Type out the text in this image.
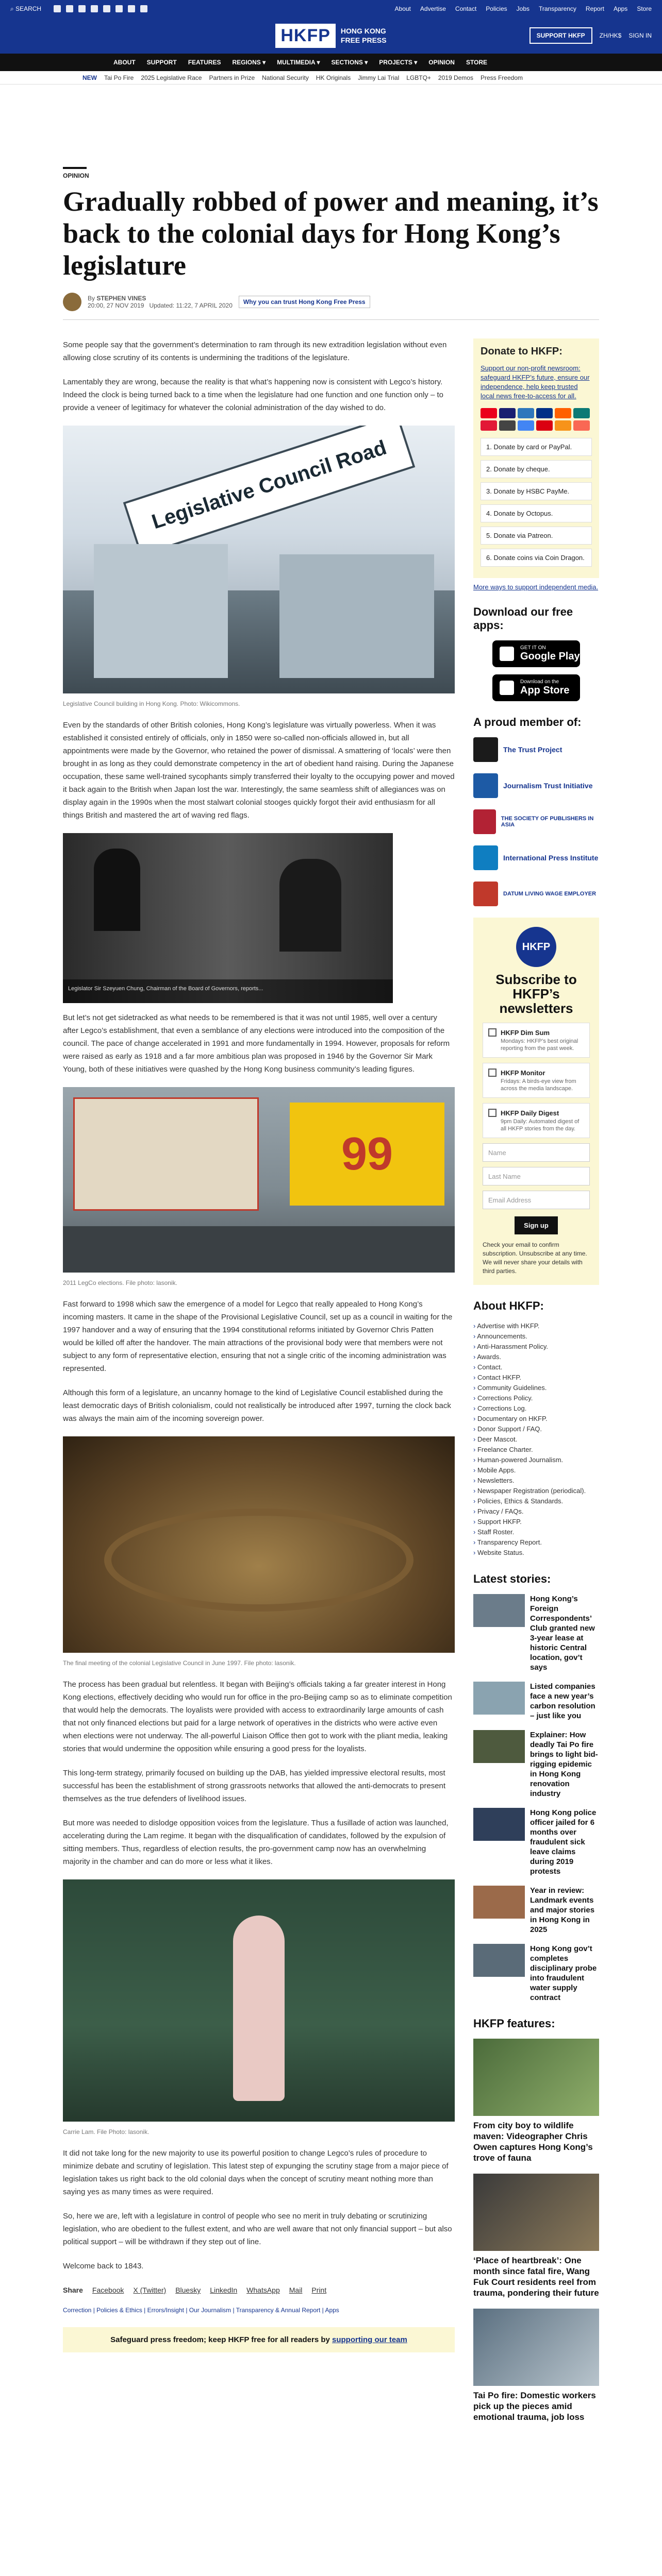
⌕ SEARCH	About Advertise Contact Policies Jobs Transparency Report Apps Store
HKFP	HONG KONG
FREE PRESS
SUPPORT HKFP	ZH/HK$ SIGN IN
ABOUT SUPPORT FEATURES REGIONS ▾ MULTIMEDIA ▾ SECTIONS ▾ PROJECTS ▾ OPINION STORE
NEW Tai Po Fire 2025 Legislative Race Partners in Prize National Security HK Originals Jimmy Lai Trial LGBTQ+ 2019 Demos Press Freedom
OPINION
Gradually robbed of power and meaning, it’s back to the colonial days for Hong Kong’s legislature
By STEPHEN VINES
20:00, 27 NOV 2019 Updated: 11:22, 7 APRIL 2020	Why you can trust Hong Kong Free Press

Some people say that the government’s determination to ram through its new extradition legislation without even allowing close scrutiny of its contents is undermining the traditions of the legislature.

Lamentably they are wrong, because the reality is that what’s happening now is consistent with Legco’s history. Indeed the clock is being turned back to a time when the legislature had one function and one function only – to provide a veneer of legitimacy for whatever the colonial administration of the day wished to do.

Legislative Council Road
Legislative Council building in Hong Kong. Photo: Wikicommons.

Even by the standards of other British colonies, Hong Kong’s legislature was virtually powerless. When it was established it consisted entirely of officials, only in 1850 were so-called non-officials allowed in, but all appointments were made by the Governor, who retained the power of dismissal. A smattering of ‘locals’ were then brought in as long as they could demonstrate competency in the art of obedient hand raising. During the Japanese occupation, these same well-trained sycophants simply transferred their loyalty to the occupying power and moved it back again to the British when Japan lost the war. Interestingly, the same seamless shift of allegiances was on display again in the 1990s when the most stalwart colonial stooges quickly forgot their avid enthusiasm for all things British and mastered the art of waving red flags.

Legislator Sir Szeyuen Chung, Chairman of the Board of Governors, reports...

But let’s not get sidetracked as what needs to be remembered is that it was not until 1985, well over a century after Legco’s establishment, that even a semblance of any elections were introduced into the composition of the council. The pace of change accelerated in 1991 and more fundamentally in 1994. However, proposals for reform were raised as early as 1918 and a far more ambitious plan was proposed in 1946 by the Governor Sir Mark Young, both of these initiatives were quashed by the Hong Kong business community’s leading figures.

99
2011 LegCo elections. File photo: lasonik.

Fast forward to 1998 which saw the emergence of a model for Legco that really appealed to Hong Kong’s incoming masters. It came in the shape of the Provisional Legislative Council, set up as a council in waiting for the 1997 handover and a way of ensuring that the 1994 constitutional reforms initiated by Governor Chris Patten would be killed off after the handover. The main attractions of the provisional body were that members were not subject to any form of representative election, ensuring that not a single critic of the incoming administration was represented.

Although this form of a legislature, an uncanny homage to the kind of Legislative Council established during the least democratic days of British colonialism, could not realistically be introduced after 1997, turning the clock back was always the main aim of the incoming sovereign power.

The final meeting of the colonial Legislative Council in June 1997. File photo: lasonik.

The process has been gradual but relentless. It began with Beijing’s officials taking a far greater interest in Hong Kong elections, effectively deciding who would run for office in the pro-Beijing camp so as to eliminate competition that would help the democrats. The loyalists were provided with access to extraordinarily large amounts of cash that not only financed elections but paid for a large network of operatives in the districts who were active even when elections were not underway. The all-powerful Liaison Office then got to work with the pliant media, leaking stories that would undermine the opposition while ensuring a good press for the loyalists.

This long-term strategy, primarily focused on building up the DAB, has yielded impressive electoral results, most successful has been the establishment of strong grassroots networks that allowed the anti-democrats to present themselves as the true defenders of livelihood issues.

But more was needed to dislodge opposition voices from the legislature. Thus a fusillade of action was launched, accelerating during the Lam regime. It began with the disqualification of candidates, followed by the expulsion of sitting members. Thus, regardless of election results, the pro-government camp now has an overwhelming majority in the chamber and can do more or less what it likes.

Carrie Lam. File Photo: lasonik.

It did not take long for the new majority to use its powerful position to change Legco’s rules of procedure to minimize debate and scrutiny of legislation. This latest step of expunging the scrutiny stage from a major piece of legislation takes us right back to the old colonial days when the concept of scrutiny meant nothing more than saying yes as many times as were required.

So, here we are, left with a legislature in control of people who see no merit in truly debating or scrutinizing legislation, who are obedient to the fullest extent, and who are well aware that not only financial support – but also political support – will be withdrawn if they step out of line.

Welcome back to 1843.

Share Facebook X (Twitter) Bluesky LinkedIn WhatsApp Mail Print
Correction | Policies & Ethics | Errors/Insight | Our Journalism | Transparency & Annual Report | Apps
Safeguard press freedom; keep HKFP free for all readers by supporting our team
Donate to HKFP:
Support our non-profit newsroom: safeguard HKFP’s future, ensure our independence, help keep trusted local news free-to-access for all.
1. Donate by card or PayPal.
2. Donate by cheque.
3. Donate by HSBC PayMe.
4. Donate by Octopus.
5. Donate via Patreon.
6. Donate coins via Coin Dragon.
More ways to support independent media.
Download our free apps:
GET IT ON
Google Play
Download on the
App Store
A proud member of:
The Trust Project
Journalism Trust Initiative
THE SOCIETY OF PUBLISHERS IN ASIA
International Press Institute
DATUM LIVING WAGE EMPLOYER
HKFP
Subscribe to HKFP’s newsletters
HKFP Dim Sum

Mondays: HKFP’s best original reporting from the past week.

HKFP Monitor

Fridays: A birds-eye view from across the media landscape.

HKFP Daily Digest

9pm Daily: Automated digest of all HKFP stories from the day.

Name
Last Name
Email Address
Sign up
Check your email to confirm subscription. Unsubscribe at any time. We will never share your details with third parties.
About HKFP:
› Advertise with HKFP.
› Announcements.
› Anti-Harassment Policy.
› Awards.
› Contact.
› Contact HKFP.
› Community Guidelines.
› Corrections Policy.
› Corrections Log.
› Documentary on HKFP.
› Donor Support / FAQ.
› Deer Mascot.
› Freelance Charter.
› Human-powered Journalism.
› Mobile Apps.
› Newsletters.
› Newspaper Registration (periodical).
› Policies, Ethics & Standards.
› Privacy / FAQs.
› Support HKFP.
› Staff Roster.
› Transparency Report.
› Website Status.
Latest stories:
Hong Kong’s Foreign Correspondents’ Club granted new 3-year lease at historic Central location, gov’t says
Listed companies face a new year’s carbon resolution – just like you
Explainer: How deadly Tai Po fire brings to light bid-rigging epidemic in Hong Kong renovation industry
Hong Kong police officer jailed for 6 months over fraudulent sick leave claims during 2019 protests
Year in review: Landmark events and major stories in Hong Kong in 2025
Hong Kong gov’t completes disciplinary probe into fraudulent water supply contract
HKFP features:
From city boy to wildlife maven: Videographer Chris Owen captures Hong Kong’s trove of fauna
‘Place of heartbreak’: One month since fatal fire, Wang Fuk Court residents reel from trauma, pondering their future
Tai Po fire: Domestic workers pick up the pieces amid emotional trauma, job loss
